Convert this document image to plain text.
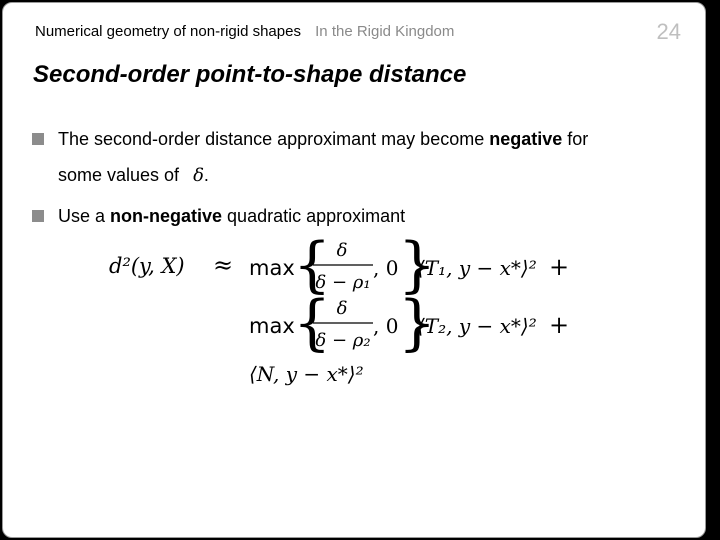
Numerical geometry of non-rigid shapes In the Rigid Kingdom	24
Second-order point-to-shape distance
The second-order distance approximant may become negative for
some values of δ.
Use a non-negative quadratic approximant
d²(y, X) ≈ max
{ δ
δ − ρ₁
, 0 }
⟨T₁, y − x*⟩² +
max
{ δ
δ − ρ₂
, 0 }
⟨T₂, y − x*⟩² +
⟨N, y − x*⟩²
